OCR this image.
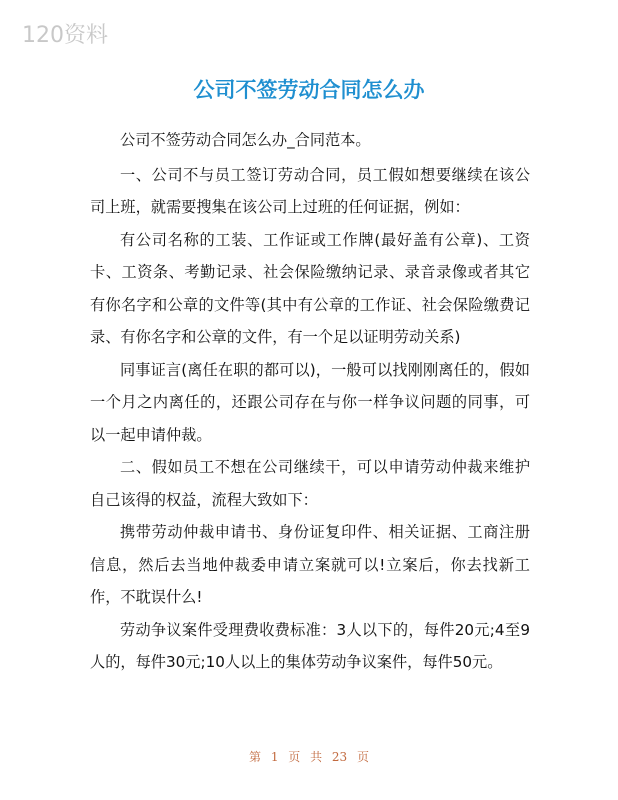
120资料
公司不签劳动合同怎么办

公司不签劳动合同怎么办_合同范本。

一、公司不与员工签订劳动合同，员工假如想要继续在该公司上班，就需要搜集在该公司上过班的任何证据，例如：

有公司名称的工装、工作证或工作牌(最好盖有公章)、工资卡、工资条、考勤记录、社会保险缴纳记录、录音录像或者其它有你名字和公章的文件等(其中有公章的工作证、社会保险缴费记录、有你名字和公章的文件，有一个足以证明劳动关系)

同事证言(离任在职的都可以)，一般可以找刚刚离任的，假如一个月之内离任的，还跟公司存在与你一样争议问题的同事，可以一起申请仲裁。

二、假如员工不想在公司继续干，可以申请劳动仲裁来维护自己该得的权益，流程大致如下：

携带劳动仲裁申请书、身份证复印件、相关证据、工商注册信息，然后去当地仲裁委申请立案就可以!立案后，你去找新工作，不耽误什么!

劳动争议案件受理费收费标准：3人以下的，每件20元;4至9人的，每件30元;10人以上的集体劳动争议案件，每件50元。

第 1 页 共 23 页
